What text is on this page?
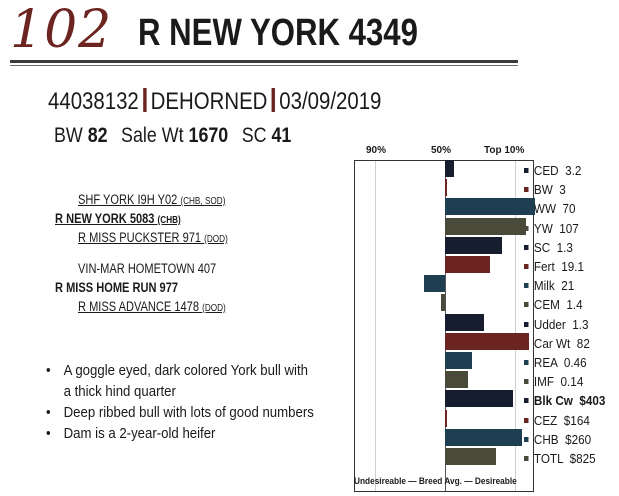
102 R NEW YORK 4349
44038132 DEHORNED 03/09/2019
BW 82 Sale Wt 1670 SC 41
SHF YORK I9H Y02 (CHB, SOD)
R NEW YORK 5083 (CHB)
R MISS PUCKSTER 971 (DOD)
VIN-MAR HOMETOWN 407
R MISS HOME RUN 977
R MISS ADVANCE 1478 (DOD)
• A goggle eyed, dark colored York bull with a thick hind quarter
• Deep ribbed bull with lots of good numbers
• Dam is a 2-year-old heifer
90%	50%	Top 10%
CED  3.2
BW  3
WW  70
YW  107
SC  1.3
Fert  19.1
Milk  21
CEM  1.4
Udder  1.3
Car Wt  82
REA  0.46
IMF  0.14
Blk Cw  $403
CEZ  $164
CHB  $260
TOTL  $825
Undesireable — Breed Avg. — Desireable
